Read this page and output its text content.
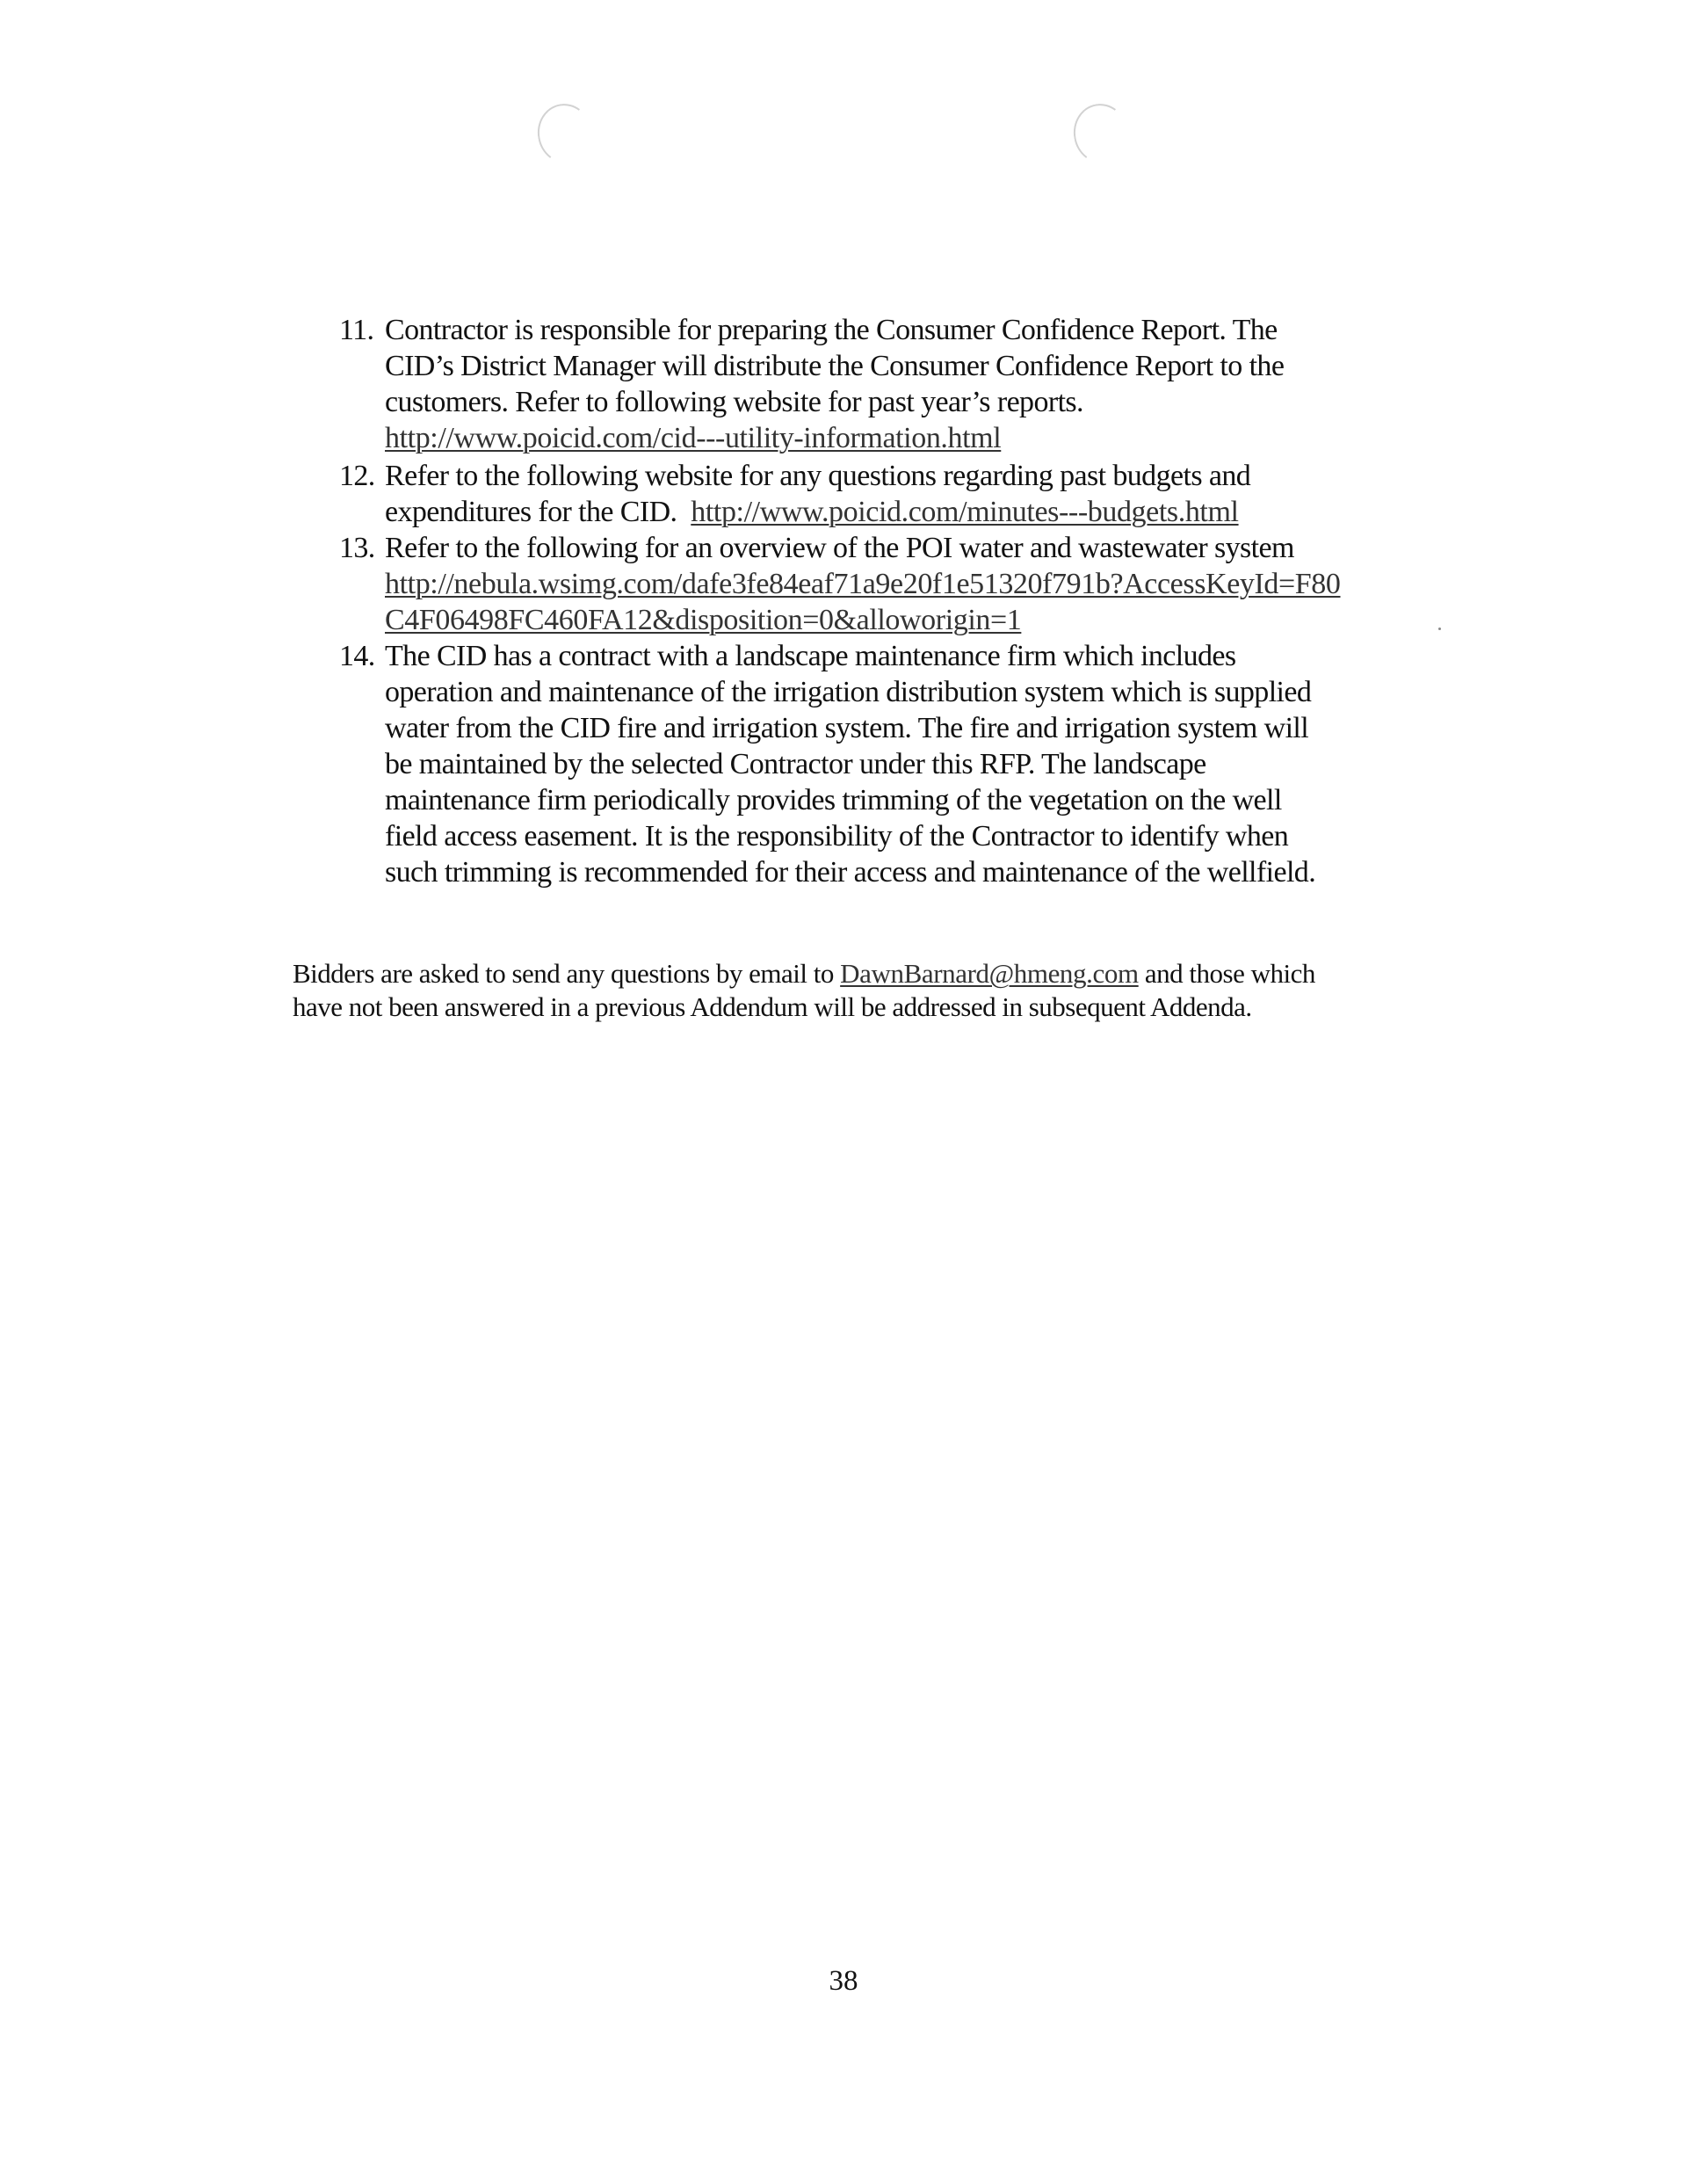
11. Contractor is responsible for preparing the Consumer Confidence Report. The
CID’s District Manager will distribute the Consumer Confidence Report to the
customers. Refer to following website for past year’s reports.
http://www.poicid.com/cid---utility-information.html
12. Refer to the following website for any questions regarding past budgets and
expenditures for the CID.  http://www.poicid.com/minutes---budgets.html
13. Refer to the following for an overview of the POI water and wastewater system
http://nebula.wsimg.com/dafe3fe84eaf71a9e20f1e51320f791b?AccessKeyId=F80
C4F06498FC460FA12&disposition=0&alloworigin=1
14. The CID has a contract with a landscape maintenance firm which includes
operation and maintenance of the irrigation distribution system which is supplied
water from the CID fire and irrigation system. The fire and irrigation system will
be maintained by the selected Contractor under this RFP. The landscape
maintenance firm periodically provides trimming of the vegetation on the well
field access easement. It is the responsibility of the Contractor to identify when
such trimming is recommended for their access and maintenance of the wellfield.
Bidders are asked to send any questions by email to DawnBarnard@hmeng.com and those which
have not been answered in a previous Addendum will be addressed in subsequent Addenda.
38
